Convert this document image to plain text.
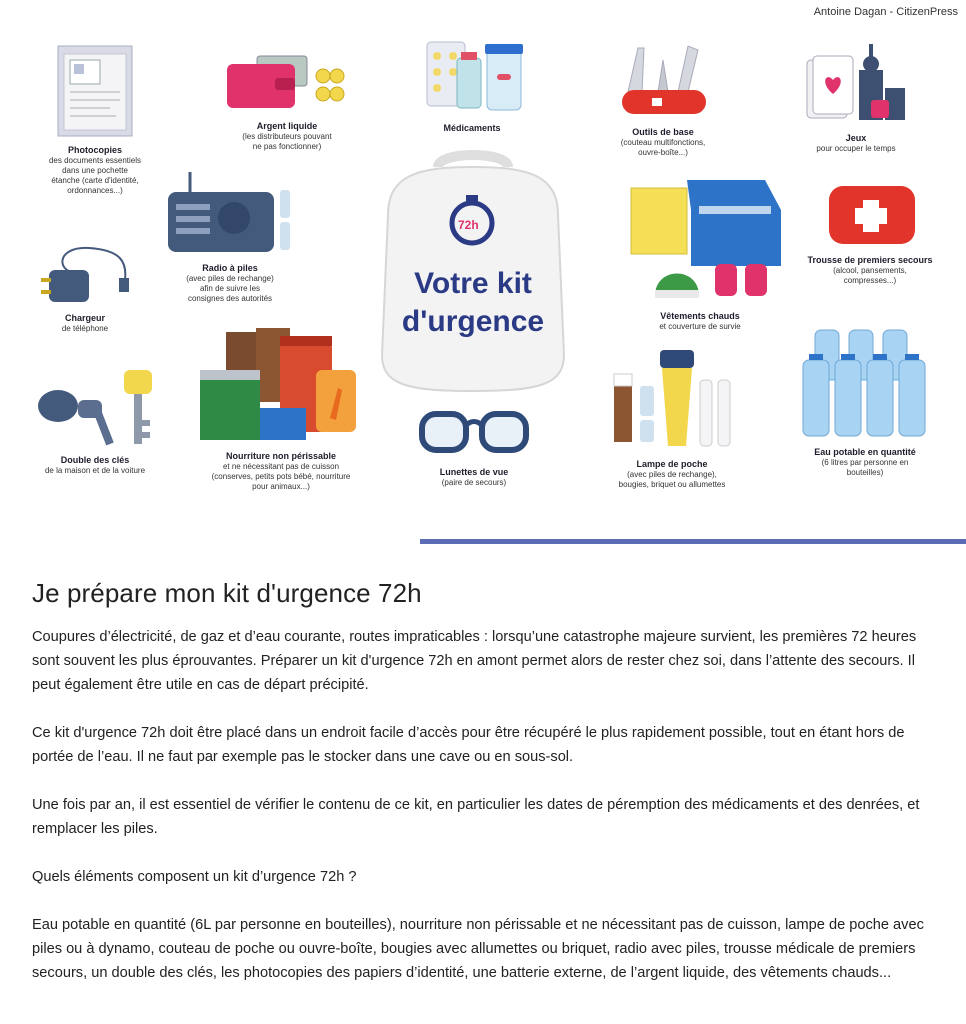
Antoine Dagan - CitizenPress
Photocopies
des documents essentiels
dans une pochette
étanche (carte d'identité,
ordonnances...)
Argent liquide
(les distributeurs pouvant
ne pas fonctionner)
Médicaments	Outils de base
(couteau multifonctions,
ouvre-boîte...)
Jeux
pour occuper le temps
Radio à piles
(avec piles de rechange)
afin de suivre les
consignes des autorités
Chargeur
de téléphone
72h
Votre kit
d'urgence	Vêtements chauds
et couverture de survie
Trousse de premiers secours
(alcool, pansements,
compresses...)
Double des clés
de la maison et de la voiture
Nourriture non périssable
et ne nécessitant pas de cuisson
(conserves, petits pots bébé, nourriture
pour animaux...)
Lunettes de vue
(paire de secours)
Lampe de poche
(avec piles de rechange),
bougies, briquet ou allumettes
Eau potable en quantité
(6 litres par personne en
bouteilles)
Je prépare mon kit d'urgence 72h

Coupures d’électricité, de gaz et d’eau courante, routes impraticables : lorsqu’une catastrophe majeure survient, les premières 72 heures sont souvent les plus éprouvantes. Préparer un kit d'urgence 72h en amont permet alors de rester chez soi, dans l’attente des secours. Il peut également être utile en cas de départ précipité.

Ce kit d'urgence 72h doit être placé dans un endroit facile d’accès pour être récupéré le plus rapidement possible, tout en étant hors de portée de l’eau. Il ne faut par exemple pas le stocker dans une cave ou en sous-sol.

Une fois par an, il est essentiel de vérifier le contenu de ce kit, en particulier les dates de péremption des médicaments et des denrées, et remplacer les piles.

Quels éléments composent un kit d’urgence 72h ?

Eau potable en quantité (6L par personne en bouteilles), nourriture non périssable et ne nécessitant pas de cuisson, lampe de poche avec piles ou à dynamo, couteau de poche ou ouvre-boîte, bougies avec allumettes ou briquet, radio avec piles, trousse médicale de premiers secours, un double des clés, les photocopies des papiers d’identité, une batterie externe, de l’argent liquide, des vêtements chauds...
